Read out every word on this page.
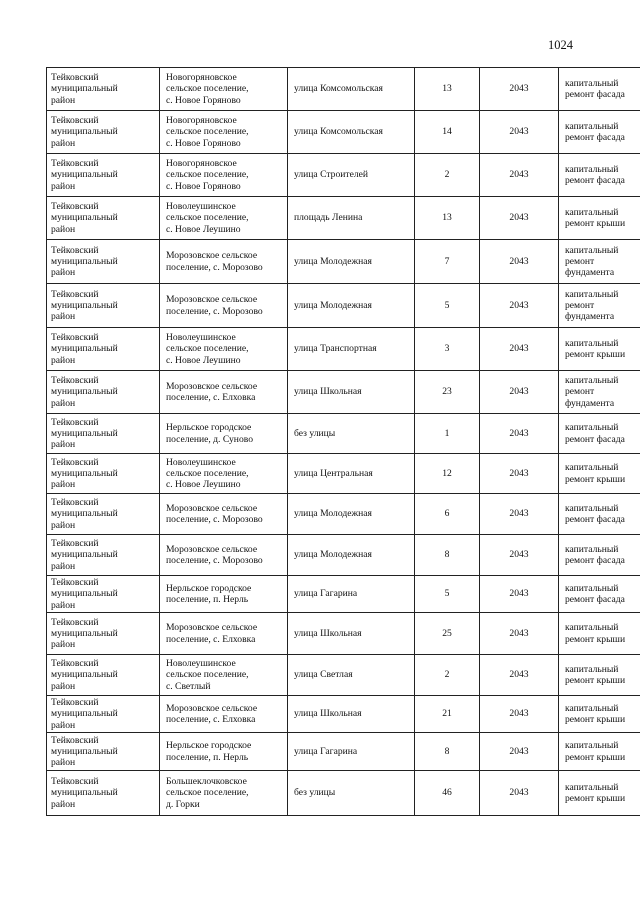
1024
Тейковский
муниципальный
район	Новогоряновское
сельское поселение,
с. Новое Горяново	улица Комсомольская	13	2043	капитальный
ремонт фасада

Тейковский
муниципальный
район	Новогоряновское
сельское поселение,
с. Новое Горяново	улица Комсомольская	14	2043	капитальный
ремонт фасада

Тейковский
муниципальный
район	Новогоряновское
сельское поселение,
с. Новое Горяново	улица Строителей	2	2043	капитальный
ремонт фасада

Тейковский
муниципальный
район	Новолеушинское
сельское поселение,
с. Новое Леушино	площадь Ленина	13	2043	капитальный
ремонт крыши

Тейковский
муниципальный
район	Морозовское сельское
поселение, с. Морозово	улица Молодежная	7	2043	капитальный
ремонт
фундамента

Тейковский
муниципальный
район	Морозовское сельское
поселение, с. Морозово	улица Молодежная	5	2043	капитальный
ремонт
фундамента

Тейковский
муниципальный
район	Новолеушинское
сельское поселение,
с. Новое Леушино	улица Транспортная	3	2043	капитальный
ремонт крыши

Тейковский
муниципальный
район	Морозовское сельское
поселение, с. Елховка	улица Школьная	23	2043	капитальный
ремонт
фундамента

Тейковский
муниципальный
район	Нерльское городское
поселение, д. Суново	без улицы	1	2043	капитальный
ремонт фасада

Тейковский
муниципальный
район	Новолеушинское
сельское поселение,
с. Новое Леушино	улица Центральная	12	2043	капитальный
ремонт крыши

Тейковский
муниципальный
район	Морозовское сельское
поселение, с. Морозово	улица Молодежная	6	2043	капитальный
ремонт фасада

Тейковский
муниципальный
район	Морозовское сельское
поселение, с. Морозово	улица Молодежная	8	2043	капитальный
ремонт фасада

Тейковский
муниципальный
район	Нерльское городское
поселение, п. Нерль	улица Гагарина	5	2043	капитальный
ремонт фасада

Тейковский
муниципальный
район	Морозовское сельское
поселение, с. Елховка	улица Школьная	25	2043	капитальный
ремонт крыши

Тейковский
муниципальный
район	Новолеушинское
сельское поселение,
с. Светлый	улица Светлая	2	2043	капитальный
ремонт крыши

Тейковский
муниципальный
район	Морозовское сельское
поселение, с. Елховка	улица Школьная	21	2043	капитальный
ремонт крыши

Тейковский
муниципальный
район	Нерльское городское
поселение, п. Нерль	улица Гагарина	8	2043	капитальный
ремонт крыши

Тейковский
муниципальный
район	Большеклочковское
сельское поселение,
д. Горки	без улицы	46	2043	капитальный
ремонт крыши
